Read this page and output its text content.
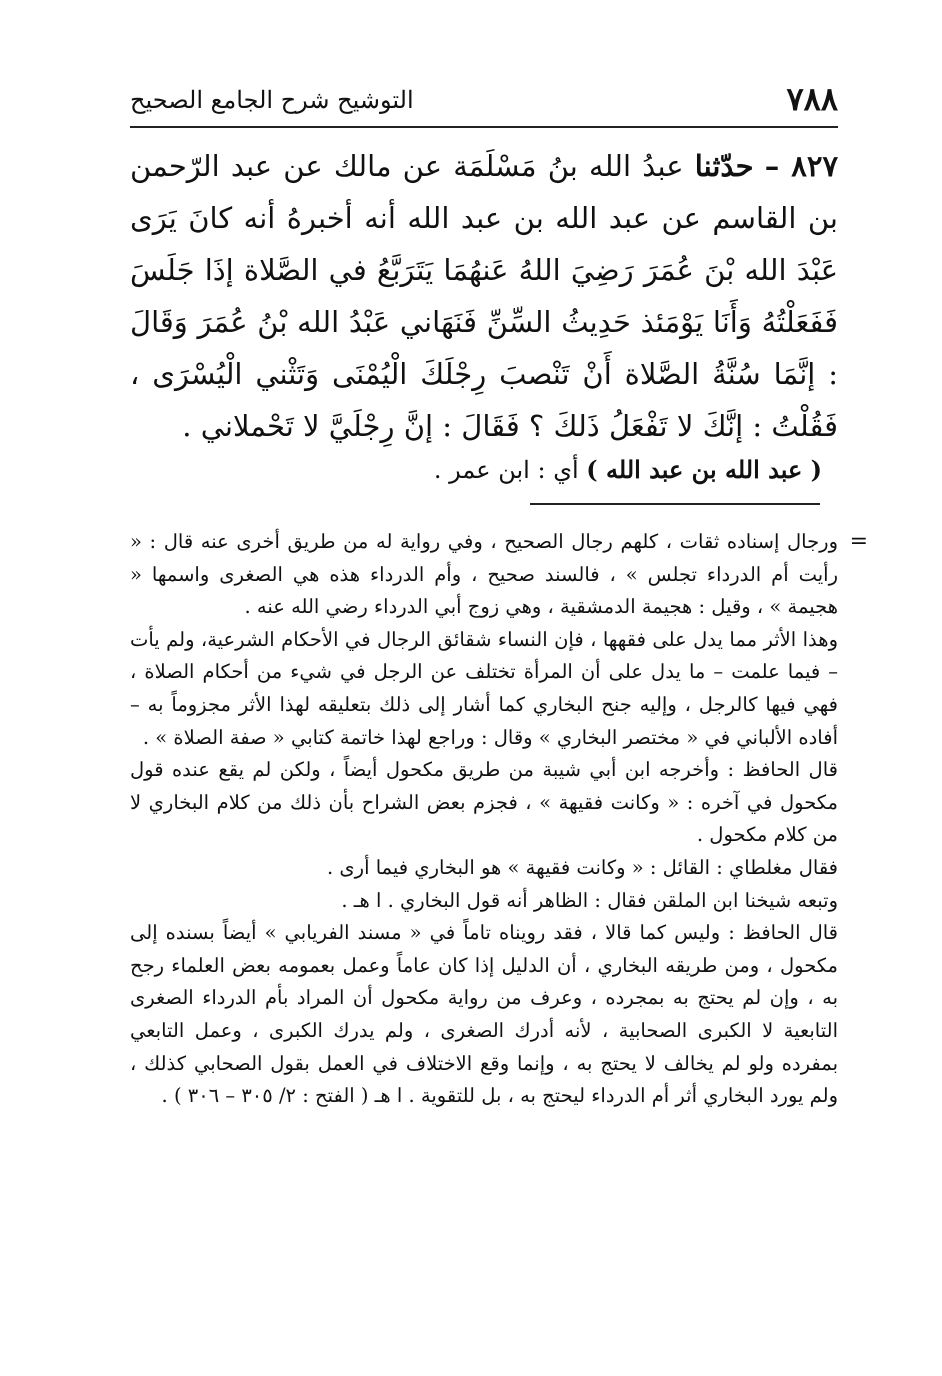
٧٨٨
التوشيح شرح الجامع الصحيح

٨٢٧ – حدّثنا عبدُ الله بنُ مَسْلَمَة عن مالك عن عبد الرّحمن بن القاسم عن عبد الله بن عبد الله أنه أخبرهُ أنه كانَ يَرَى عَبْدَ الله بْنَ عُمَرَ رَضِيَ اللهُ عَنهُمَا يَتَرَبَّعُ في الصَّلاة إذَا جَلَسَ فَفَعَلْتُهُ وَأَنَا يَوْمَئذ حَدِيثُ السِّنِّ فَنَهَاني عَبْدُ الله بْنُ عُمَرَ وَقَالَ : إنَّمَا سُنَّةُ الصَّلاة أَنْ تَنْصبَ رِجْلَكَ الْيُمْنَى وَتَثْني الْيُسْرَى ، فَقُلْتُ : إنَّكَ لا تَفْعَلُ ذَلكَ ؟ فَقَالَ : إنَّ رِجْلَيَّ لا تَحْملاني .

( عبد الله بن عبد الله ) أي : ابن عمر .
=

ورجال إسناده ثقات ، كلهم رجال الصحيح ، وفي رواية له من طريق أخرى عنه قال : « رأيت أم الدرداء تجلس » ، فالسند صحيح ، وأم الدرداء هذه هي الصغرى واسمها « هجيمة » ، وقيل : هجيمة الدمشقية ، وهي زوج أبي الدرداء رضي الله عنه .

وهذا الأثر مما يدل على فقهها ، فإن النساء شقائق الرجال في الأحكام الشرعية، ولم يأت – فيما علمت – ما يدل على أن المرأة تختلف عن الرجل في شيء من أحكام الصلاة ، فهي فيها كالرجل ، وإليه جنح البخاري كما أشار إلى ذلك بتعليقه لهذا الأثر مجزوماً به – أفاده الألباني في « مختصر البخاري » وقال : وراجع لهذا خاتمة كتابي « صفة الصلاة » .

قال الحافظ : وأخرجه ابن أبي شيبة من طريق مكحول أيضاً ، ولكن لم يقع عنده قول مكحول في آخره : « وكانت فقيهة » ، فجزم بعض الشراح بأن ذلك من كلام البخاري لا من كلام مكحول .

فقال مغلطاي : القائل : « وكانت فقيهة » هو البخاري فيما أرى .

وتبعه شيخنا ابن الملقن فقال : الظاهر أنه قول البخاري . ا هـ .

قال الحافظ : وليس كما قالا ، فقد رويناه تاماً في « مسند الفريابي » أيضاً بسنده إلى مكحول ، ومن طريقه البخاري ، أن الدليل إذا كان عاماً وعمل بعمومه بعض العلماء رجح به ، وإن لم يحتج به بمجرده ، وعرف من رواية مكحول أن المراد بأم الدرداء الصغرى التابعية لا الكبرى الصحابية ، لأنه أدرك الصغرى ، ولم يدرك الكبرى ، وعمل التابعي بمفرده ولو لم يخالف لا يحتج به ، وإنما وقع الاختلاف في العمل بقول الصحابي كذلك ، ولم يورد البخاري أثر أم الدرداء ليحتج به ، بل للتقوية . ا هـ ( الفتح : ٢/ ٣٠٥ – ٣٠٦ ) .
